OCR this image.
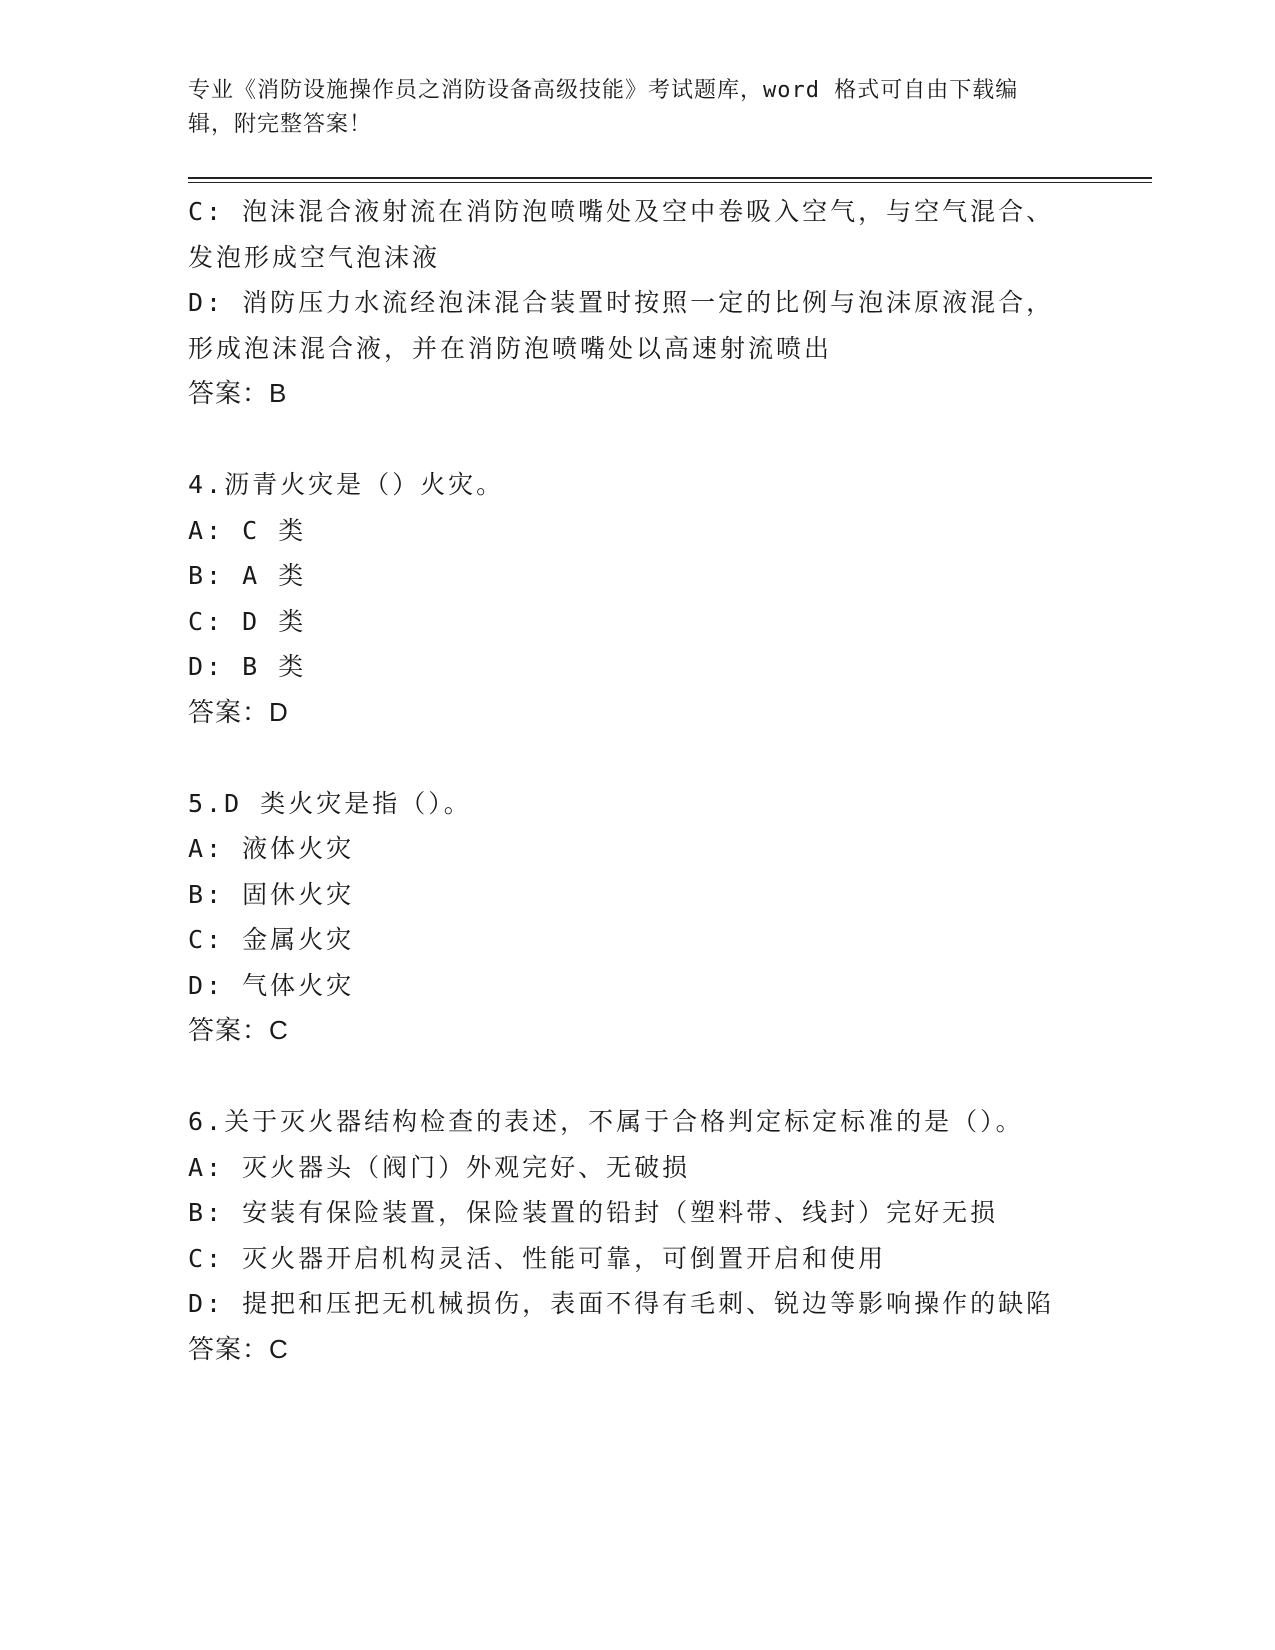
专业《消防设施操作员之消防设备高级技能》考试题库，word 格式可自由下载编
辑，附完整答案！
C: 泡沫混合液射流在消防泡喷嘴处及空中卷吸入空气，与空气混合、
发泡形成空气泡沫液
D: 消防压力水流经泡沫混合装置时按照一定的比例与泡沫原液混合，
形成泡沫混合液，并在消防泡喷嘴处以高速射流喷出
答案：B
4.沥青火灾是（）火灾。
A: C 类
B: A 类
C: D 类
D: B 类
答案：D
5.D 类火灾是指（）。
A: 液体火灾
B: 固休火灾
C: 金属火灾
D: 气体火灾
答案：C
6.关于灭火器结构检查的表述，不属于合格判定标定标准的是（）。
A: 灭火器头（阀门）外观完好、无破损
B: 安装有保险装置，保险装置的铅封（塑料带、线封）完好无损
C: 灭火器开启机构灵活、性能可靠，可倒置开启和使用
D: 提把和压把无机械损伤，表面不得有毛刺、锐边等影响操作的缺陷
答案：C
